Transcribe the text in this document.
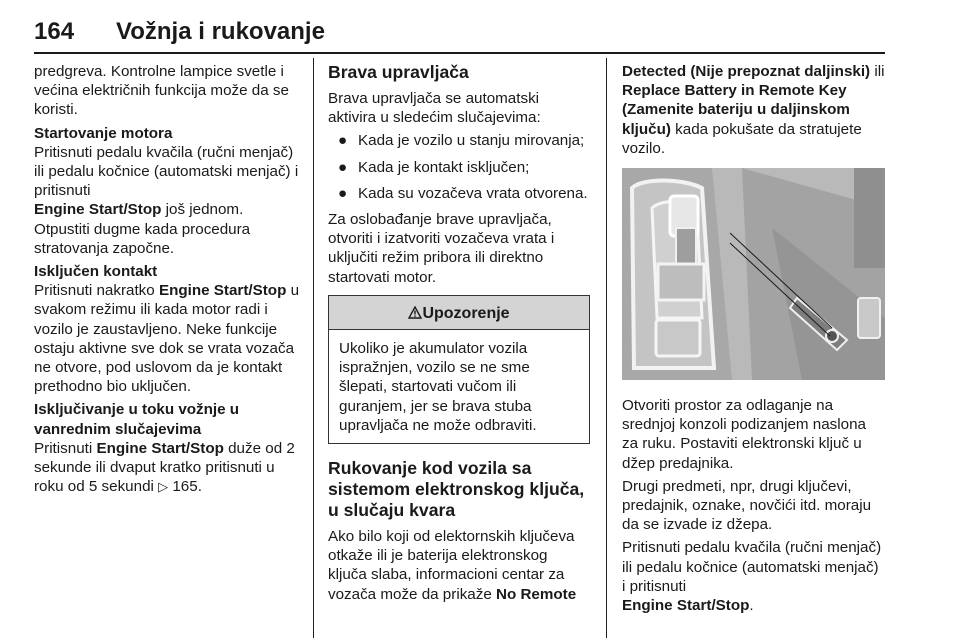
164 Vožnja i rukovanje

predgreva. Kontrolne lampice svetle i većina električnih funkcija može da se koristi.

Startovanje motora

Pritisnuti pedalu kvačila (ručni menjač) ili pedalu kočnice (automatski menjač) i pritisnuti
Engine Start/Stop još jednom. Otpustiti dugme kada procedura stratovanja započne.

Isključen kontakt

Pritisnuti nakratko Engine Start/Stop u svakom režimu ili kada motor radi i vozilo je zaustavljeno. Neke funkcije ostaju aktivne sve dok se vrata vozača ne otvore, pod uslovom da je kontakt prethodno bio uključen.

Isključivanje u toku vožnje u vanrednim slučajevima

Pritisnuti Engine Start/Stop duže od 2 sekunde ili dvaput kratko pritisnuti u roku od 5 sekundi ▷ 165.

Brava upravljača

Brava upravljača se automatski aktivira u sledećim slučajevima:

● Kada je vozilo u stanju mirovanja;
● Kada je kontakt isključen;
● Kada su vozačeva vrata otvorena.

Za oslobađanje brave upravljača, otvoriti i izatvoriti vozačeva vrata i uključiti režim pribora ili direktno startovati motor.

Upozorenje
Ukoliko je akumulator vozila ispražnjen, vozilo se ne sme šlepati, startovati vučom ili guranjem, jer se brava stuba upravljača ne može odbraviti.
Rukovanje kod vozila sa sistemom elektronskog ključa, u slučaju kvara

Ako bilo koji od elektornskih ključeva otkaže ili je baterija elektronskog ključa slaba, informacioni centar za vozača može da prikaže No Remote

Detected (Nije prepoznat daljinski) ili Replace Battery in Remote Key (Zamenite bateriju u daljinskom ključu) kada pokušate da stratujete vozilo.

Otvoriti prostor za odlaganje na srednjoj konzoli podizanjem naslona za ruku. Postaviti elektronski ključ u džep predajnika.

Drugi predmeti, npr, drugi ključevi, predajnik, oznake, novčići itd. moraju da se izvade iz džepa.

Pritisnuti pedalu kvačila (ručni menjač) ili pedalu kočnice (automatski menjač) i pritisnuti
Engine Start/Stop.
